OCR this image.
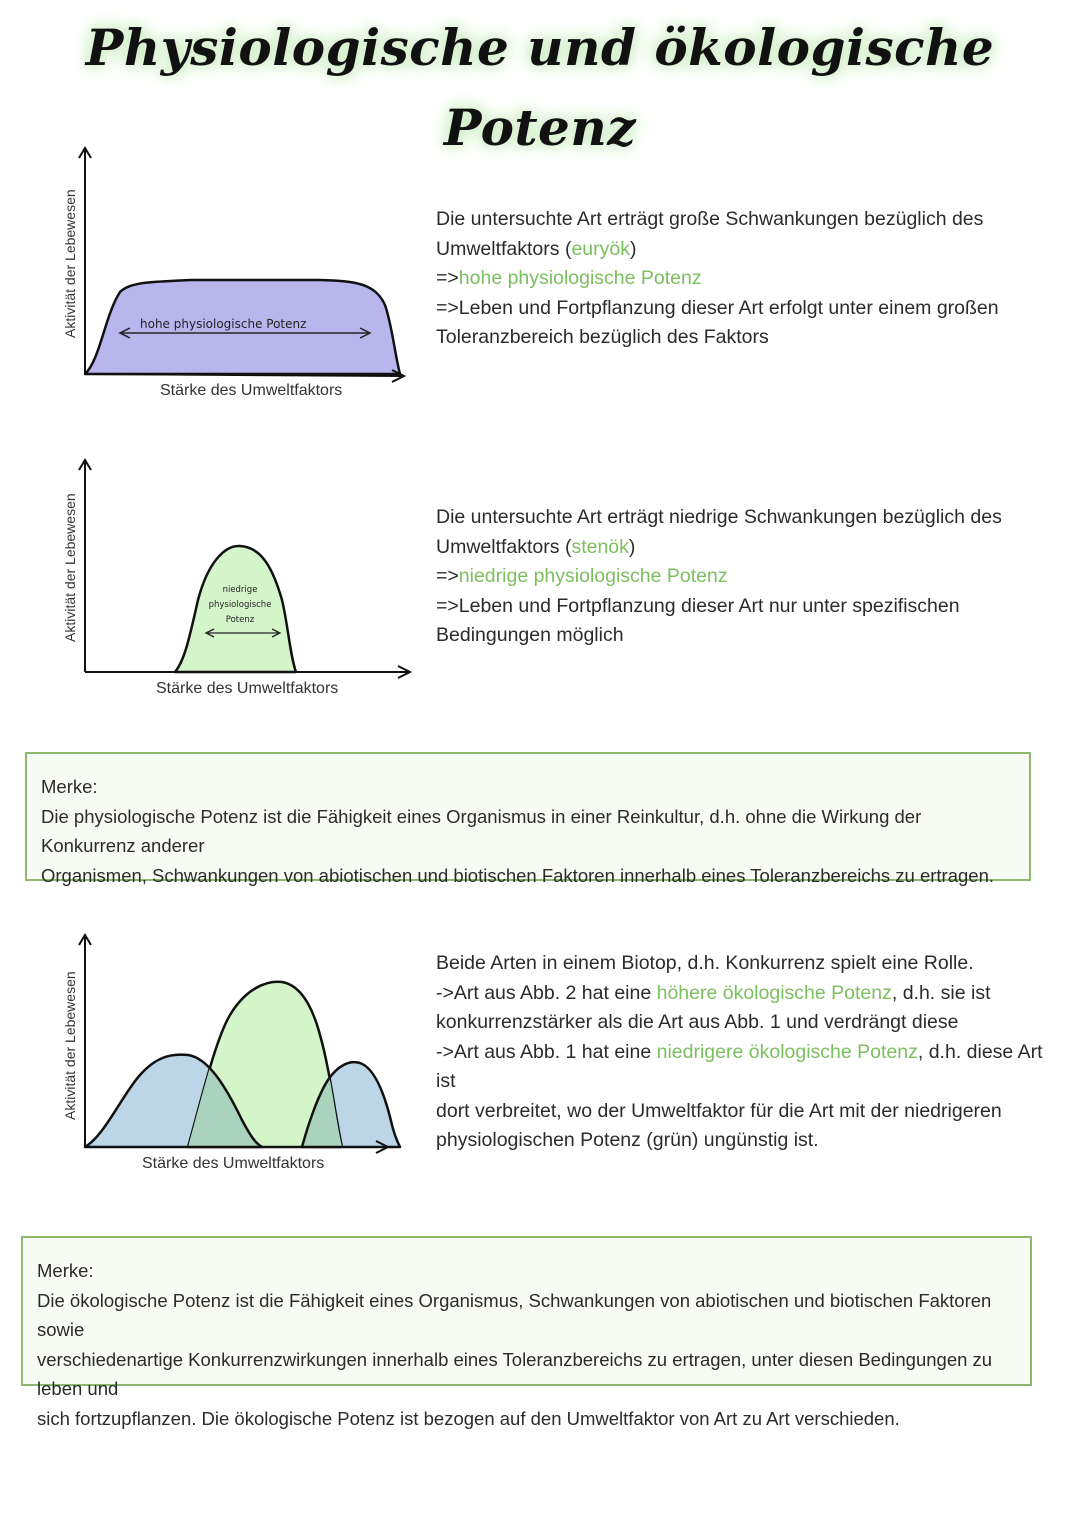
Physiologische und ökologische Potenz
hohe physiologische Potenz
Aktivität der Lebewesen
Stärke des Umweltfaktors

Die untersuchte Art erträgt große Schwankungen bezüglich des

Umweltfaktors (euryök)

=>hohe physiologische Potenz

=>Leben und Fortpflanzung dieser Art erfolgt unter einem großen

Toleranzbereich bezüglich des Faktors

niedrige
physiologische
Potenz
Aktivität der Lebewesen
Stärke des Umweltfaktors

Die untersuchte Art erträgt niedrige Schwankungen bezüglich des

Umweltfaktors (stenök)

=>niedrige physiologische Potenz

=>Leben und Fortpflanzung dieser Art nur unter spezifischen

Bedingungen möglich

Merke:

Die physiologische Potenz ist die Fähigkeit eines Organismus in einer Reinkultur, d.h. ohne die Wirkung der Konkurrenz anderer

Organismen, Schwankungen von abiotischen und biotischen Faktoren innerhalb eines Toleranzbereichs zu ertragen.

Aktivität der Lebewesen
Stärke des Umweltfaktors

Beide Arten in einem Biotop, d.h. Konkurrenz spielt eine Rolle.

->Art aus Abb. 2 hat eine höhere ökologische Potenz, d.h. sie ist

konkurrenzstärker als die Art aus Abb. 1 und verdrängt diese

->Art aus Abb. 1 hat eine niedrigere ökologische Potenz, d.h. diese Art ist

dort verbreitet, wo der Umweltfaktor für die Art mit der niedrigeren

physiologischen Potenz (grün) ungünstig ist.

Merke:

Die ökologische Potenz ist die Fähigkeit eines Organismus, Schwankungen von abiotischen und biotischen Faktoren sowie

verschiedenartige Konkurrenzwirkungen innerhalb eines Toleranzbereichs zu ertragen, unter diesen Bedingungen zu leben und

sich fortzupflanzen. Die ökologische Potenz ist bezogen auf den Umweltfaktor von Art zu Art verschieden.
